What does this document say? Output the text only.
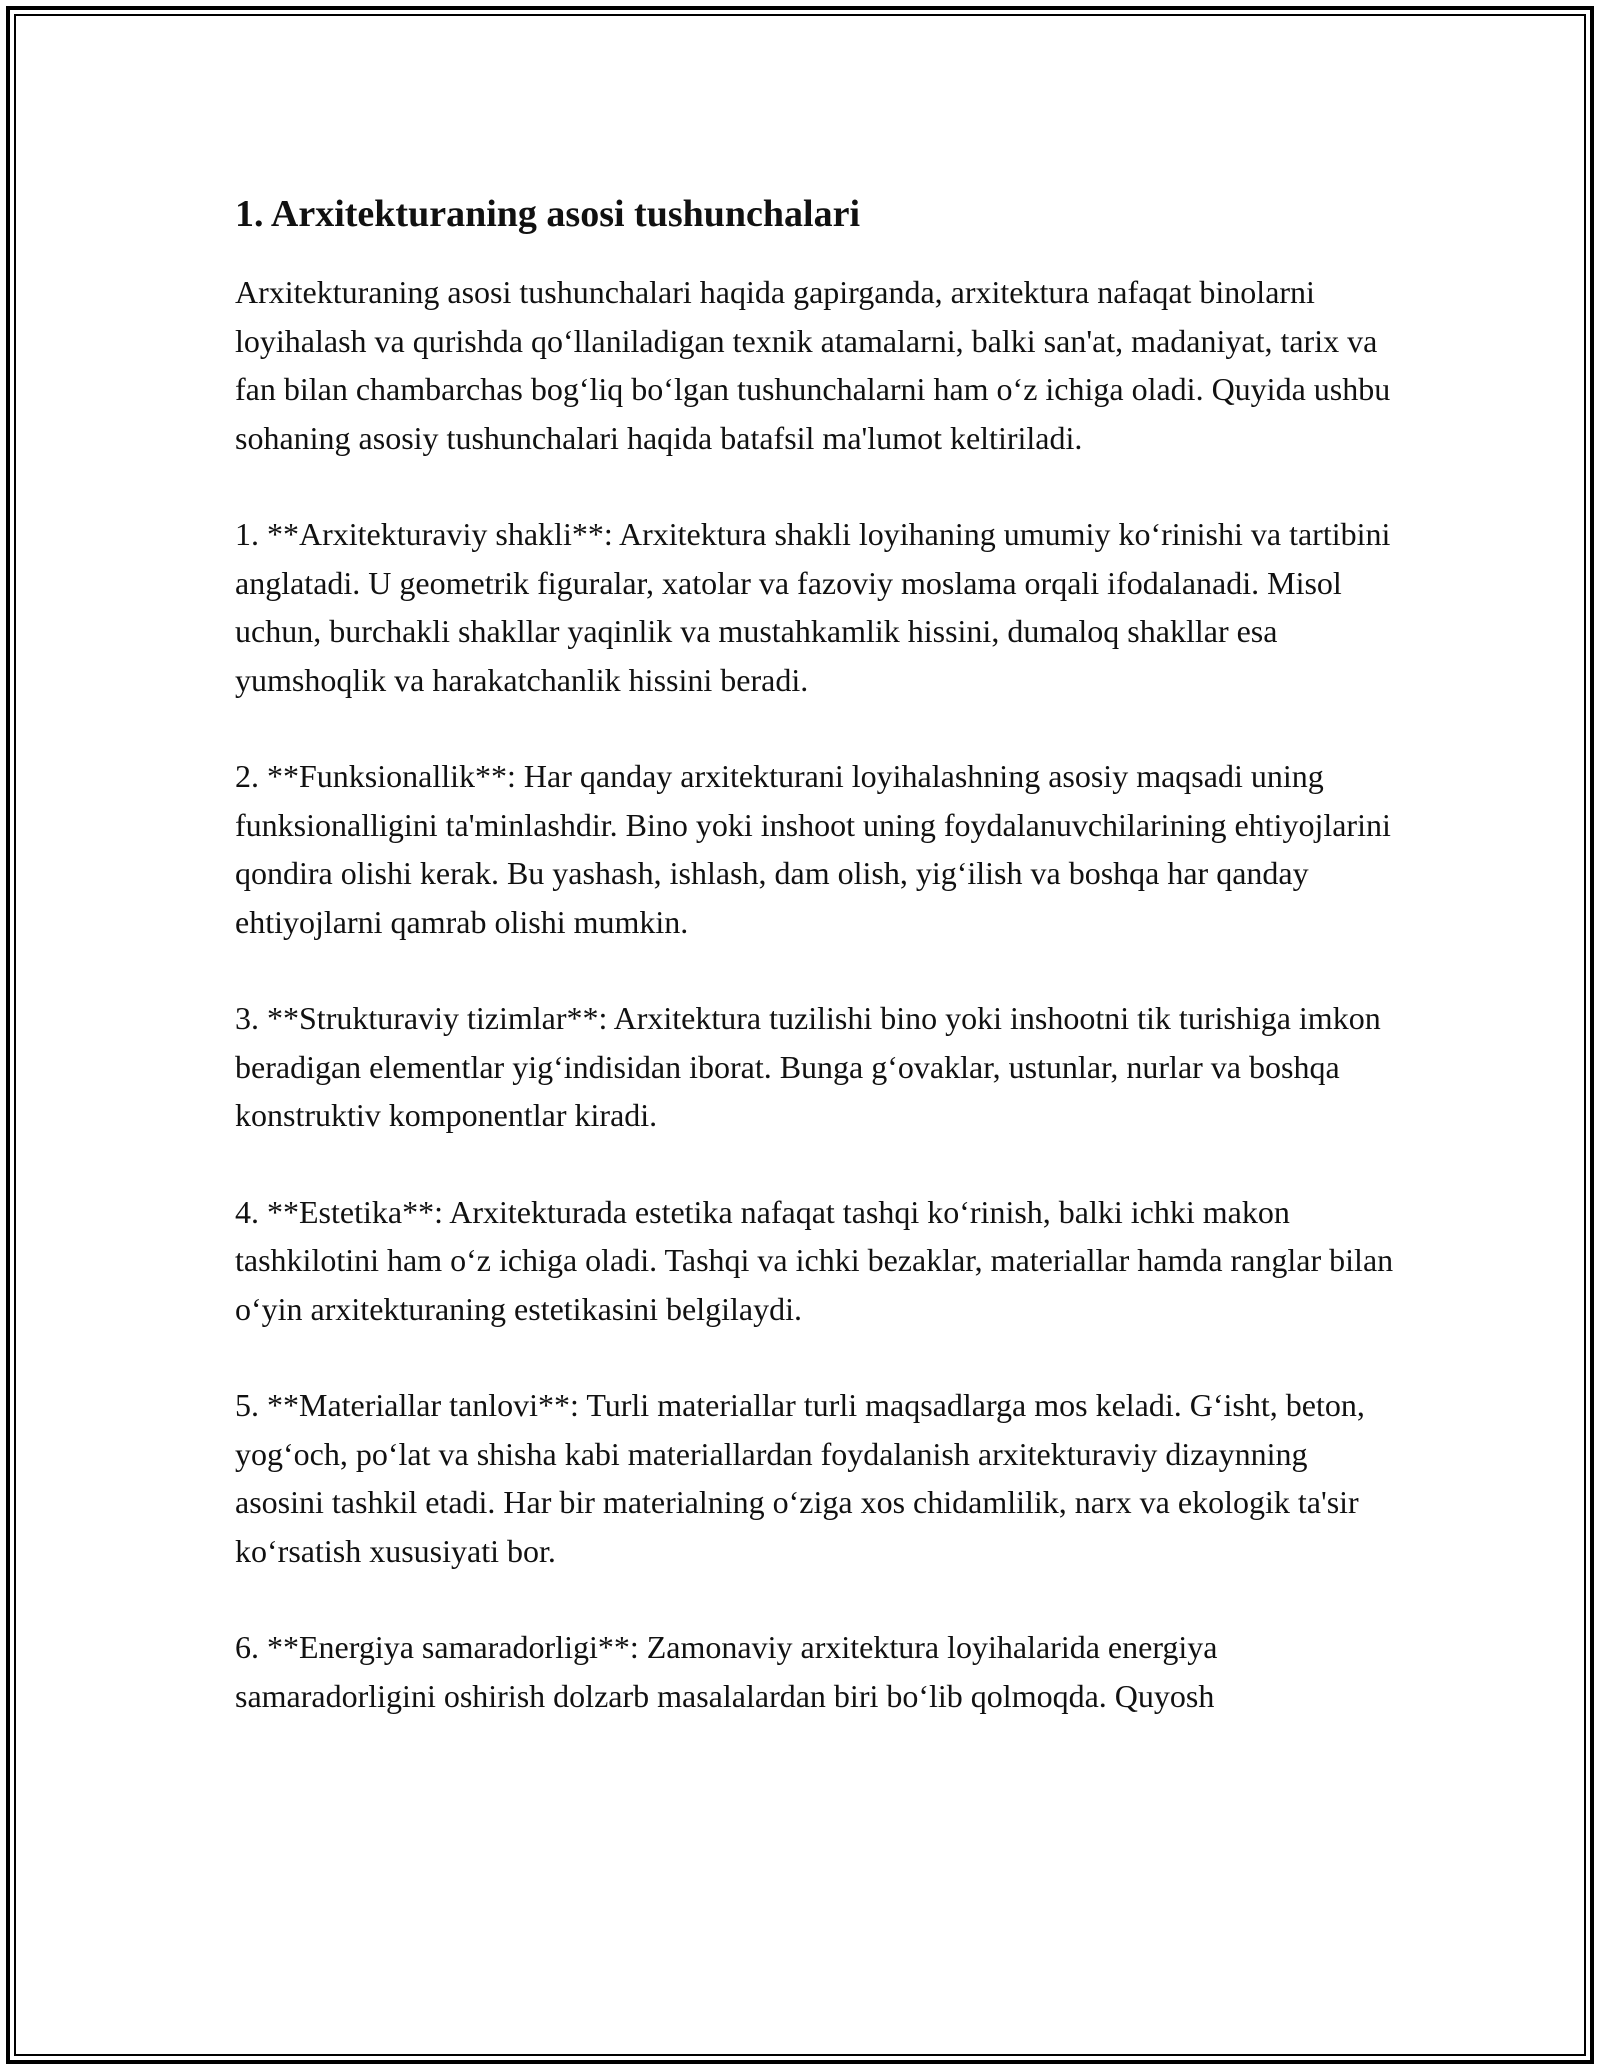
1. Arxitekturaning asosi tushunchalari

Arxitekturaning asosi tushunchalari haqida gapirganda, arxitektura nafaqat binolarni loyihalash va qurishda qo‘llaniladigan texnik atamalarni, balki san'at, madaniyat, tarix va fan bilan chambarchas bog‘liq bo‘lgan tushunchalarni ham o‘z ichiga oladi. Quyida ushbu sohaning asosiy tushunchalari haqida batafsil ma'lumot keltiriladi.

1. **Arxitekturaviy shakli**: Arxitektura shakli loyihaning umumiy ko‘rinishi va tartibini anglatadi. U geometrik figuralar, xatolar va fazoviy moslama orqali ifodalanadi. Misol uchun, burchakli shakllar yaqinlik va mustahkamlik hissini, dumaloq shakllar esa yumshoqlik va harakatchanlik hissini beradi.

2. **Funksionallik**: Har qanday arxitekturani loyihalashning asosiy maqsadi uning funksionalligini ta'minlashdir. Bino yoki inshoot uning foydalanuvchilarining ehtiyojlarini qondira olishi kerak. Bu yashash, ishlash, dam olish, yig‘ilish va boshqa har qanday ehtiyojlarni qamrab olishi mumkin.

3. **Strukturaviy tizimlar**: Arxitektura tuzilishi bino yoki inshootni tik turishiga imkon beradigan elementlar yig‘indisidan iborat. Bunga g‘ovaklar, ustunlar, nurlar va boshqa konstruktiv komponentlar kiradi.

4. **Estetika**: Arxitekturada estetika nafaqat tashqi ko‘rinish, balki ichki makon tashkilotini ham o‘z ichiga oladi. Tashqi va ichki bezaklar, materiallar hamda ranglar bilan o‘yin arxitekturaning estetikasini belgilaydi.

5. **Materiallar tanlovi**: Turli materiallar turli maqsadlarga mos keladi. G‘isht, beton, yog‘och, po‘lat va shisha kabi materiallardan foydalanish arxitekturaviy dizaynning asosini tashkil etadi. Har bir materialning o‘ziga xos chidamlilik, narx va ekologik ta'sir ko‘rsatish xususiyati bor.

6. **Energiya samaradorligi**: Zamonaviy arxitektura loyihalarida energiya samaradorligini oshirish dolzarb masalalardan biri bo‘lib qolmoqda. Quyosh
